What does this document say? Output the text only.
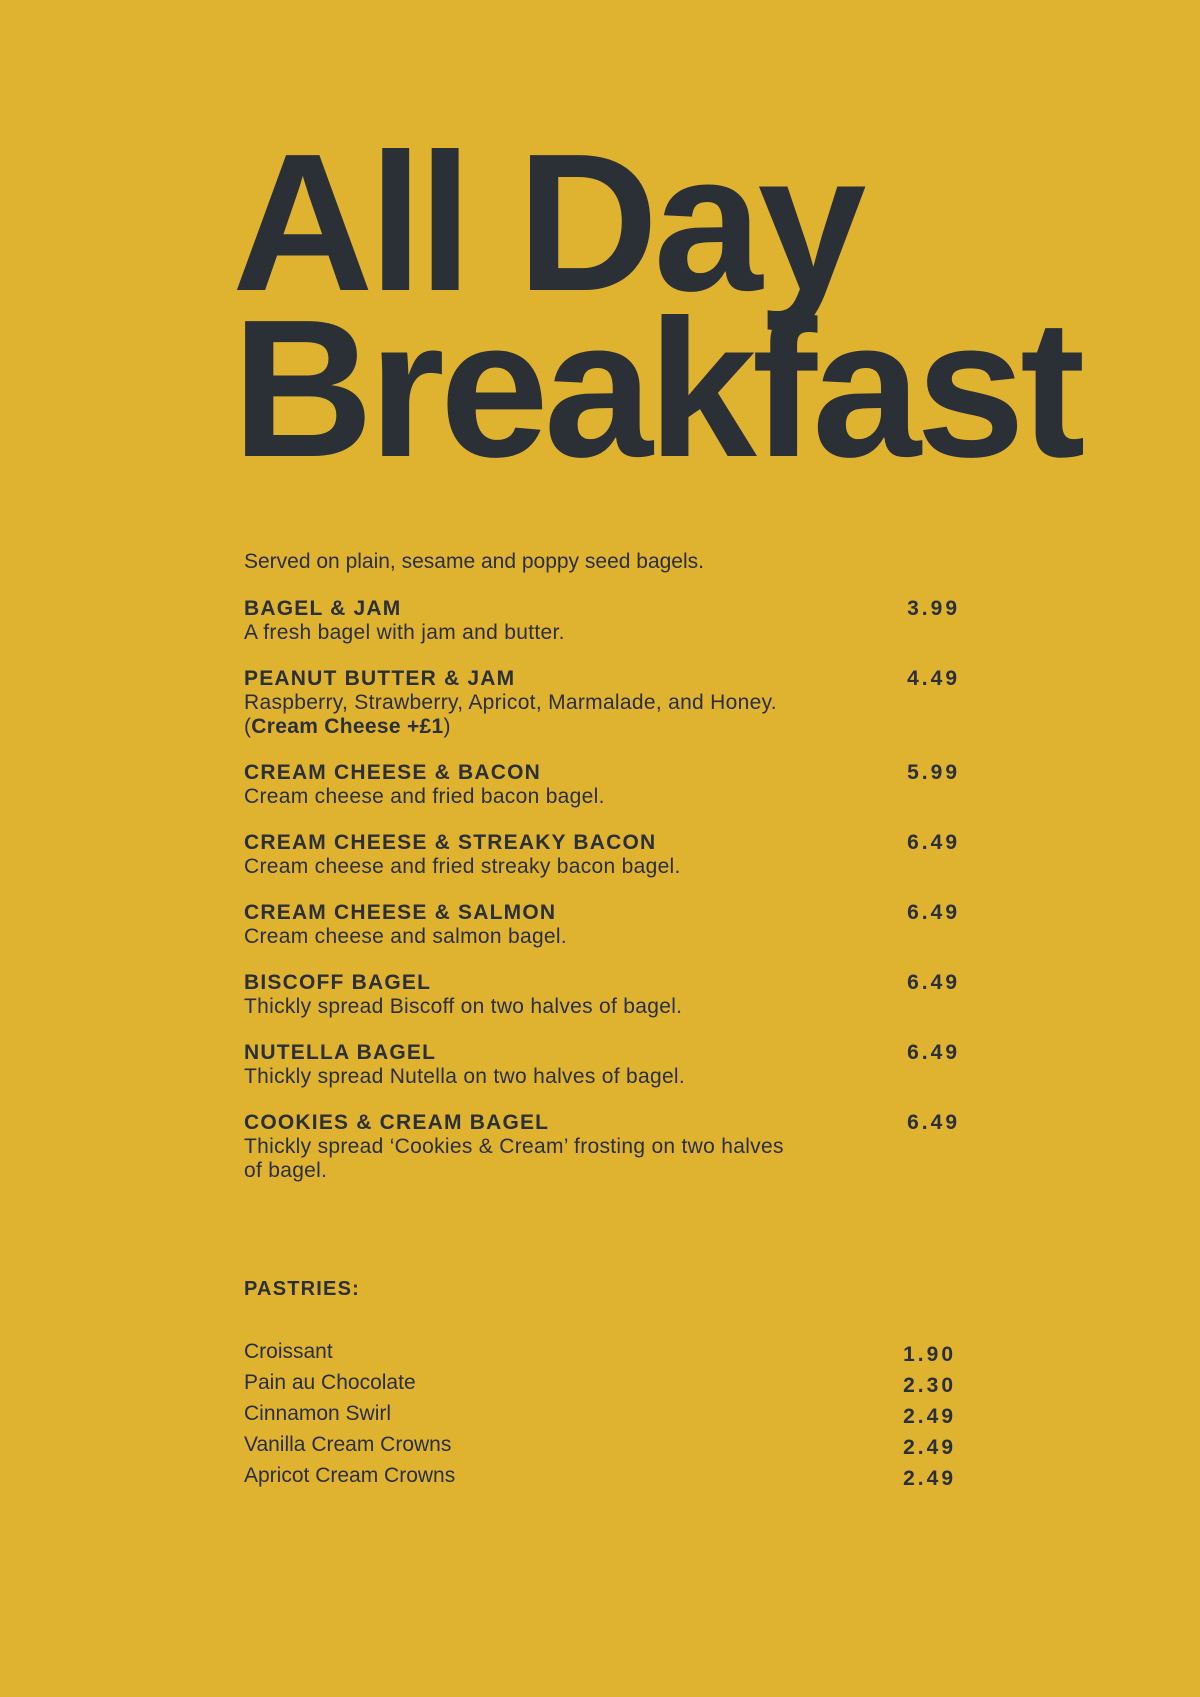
All Day
Breakfast
Served on plain, sesame and poppy seed bagels.
BAGEL & JAM
A fresh bagel with jam and butter.
3.99
PEANUT BUTTER & JAM
Raspberry, Strawberry, Apricot, Marmalade, and Honey. (Cream Cheese +£1)
4.49
CREAM CHEESE & BACON
Cream cheese and fried bacon bagel.
5.99
CREAM CHEESE & STREAKY BACON
Cream cheese and fried streaky bacon bagel.
6.49
CREAM CHEESE & SALMON
Cream cheese and salmon bagel.
6.49
BISCOFF BAGEL
Thickly spread Biscoff on two halves of bagel.
6.49
NUTELLA BAGEL
Thickly spread Nutella on two halves of bagel.
6.49
COOKIES & CREAM BAGEL
Thickly spread ‘Cookies & Cream’ frosting on two halves of bagel.
6.49
PASTRIES:
Croissant	1.90
Pain au Chocolate	2.30
Cinnamon Swirl	2.49
Vanilla Cream Crowns	2.49
Apricot Cream Crowns	2.49
